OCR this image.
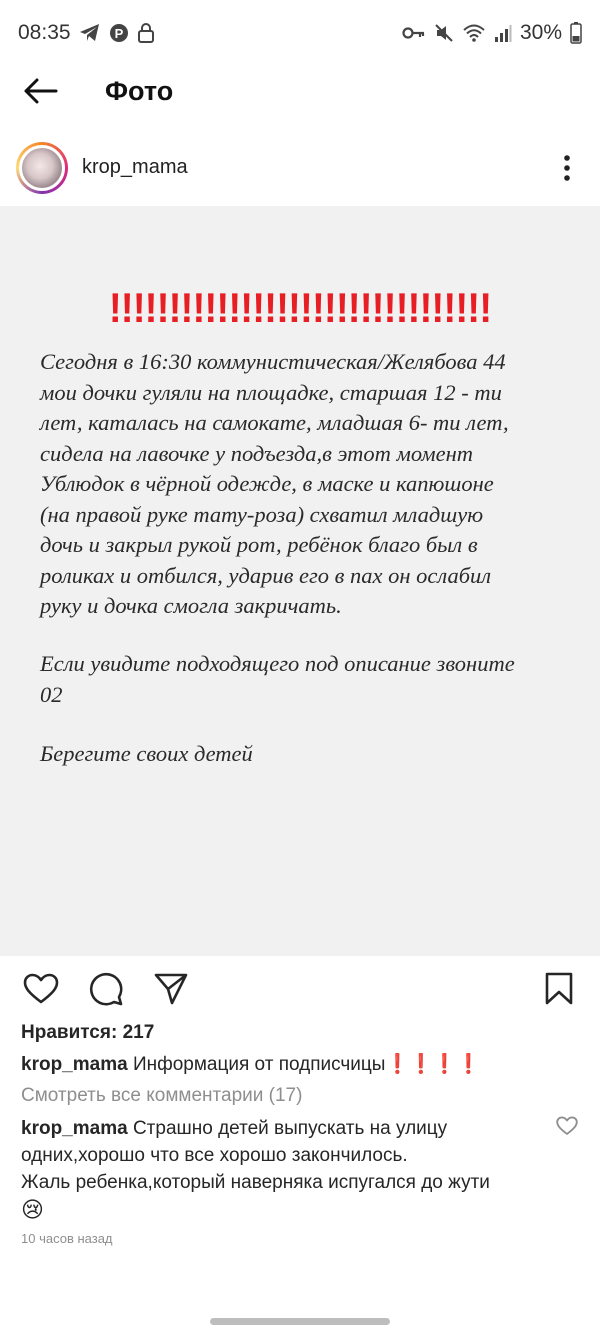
08:35	P	30%
Фото
krop_mama
!!!!!!!!!!!!!!!!!!!!!!!!!!!!!!!!
Сегодня в 16:30 коммунистическая/Желябова 44
мои дочки гуляли на площадке, старшая 12 - ти
лет, каталась на самокате, младшая 6- ти лет,
сидела на лавочке у подъезда,в этот момент
Ублюдок в чёрной одежде, в маске и капюшоне
(на правой руке тату-роза) схватил младшую
дочь и закрыл рукой рот, ребёнок благо был в
роликах и отбился, ударив его в пах он ослабил
руку и дочка смогла закричать.
Если увидите подходящего под описание звоните
02
Берегите своих детей
Нравится: 217
krop_mama Информация от подписчицы❗❗❗❗
Смотреть все комментарии (17)
krop_mama Страшно детей выпускать на улицу
одних,хорошо что все хорошо закончилось.
Жаль ребенка,который наверняка испугался до жути
😢
10 часов назад
